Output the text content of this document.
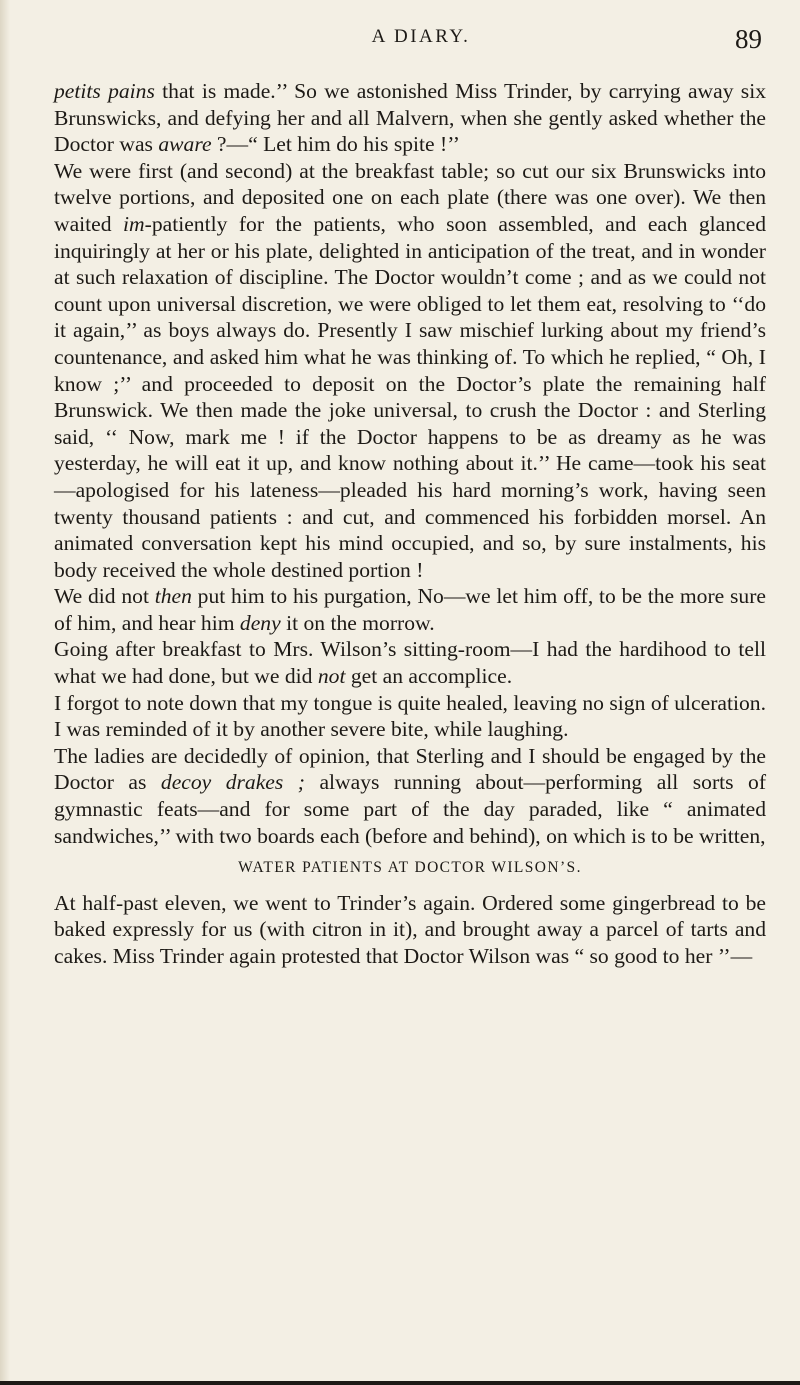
A DIARY.	89

petits pains that is made.’’ So we astonished Miss Trinder, by carrying away six Brunswicks, and defying her and all Malvern, when she gently asked whether the Doctor was aware ?—“ Let him do his spite !’’

We were first (and second) at the breakfast table; so cut our six Brunswicks into twelve portions, and deposited one on each plate (there was one over). We then waited im-patiently for the patients, who soon assembled, and each glanced inquiringly at her or his plate, delighted in anticipation of the treat, and in wonder at such relaxation of discipline. The Doctor wouldn’t come ; and as we could not count upon universal discretion, we were obliged to let them eat, resolving to ‘‘do it again,’’ as boys always do. Presently I saw mischief lurking about my friend’s countenance, and asked him what he was thinking of. To which he replied, “ Oh, I know ;’’ and proceeded to deposit on the Doctor’s plate the remaining half Brunswick. We then made the joke universal, to crush the Doctor : and Sterling said, ‘‘ Now, mark me ! if the Doctor happens to be as dreamy as he was yesterday, he will eat it up, and know nothing about it.’’ He came—took his seat—apologised for his lateness—pleaded his hard morning’s work, having seen twenty thousand patients : and cut, and commenced his forbidden morsel. An animated conversation kept his mind occupied, and so, by sure instalments, his body received the whole destined portion !

We did not then put him to his purgation, No—we let him off, to be the more sure of him, and hear him deny it on the morrow.

Going after breakfast to Mrs. Wilson’s sitting-room—I had the hardihood to tell what we had done, but we did not get an accomplice.

I forgot to note down that my tongue is quite healed, leaving no sign of ulceration. I was reminded of it by another severe bite, while laughing.

The ladies are decidedly of opinion, that Sterling and I should be engaged by the Doctor as decoy drakes ; always running about—performing all sorts of gymnastic feats—and for some part of the day paraded, like “ animated sandwiches,’’ with two boards each (before and behind), on which is to be written,

WATER PATIENTS AT DOCTOR WILSON’S.

At half-past eleven, we went to Trinder’s again. Ordered some gingerbread to be baked expressly for us (with citron in it), and brought away a parcel of tarts and cakes. Miss Trinder again protested that Doctor Wilson was “ so good to her ’’—
